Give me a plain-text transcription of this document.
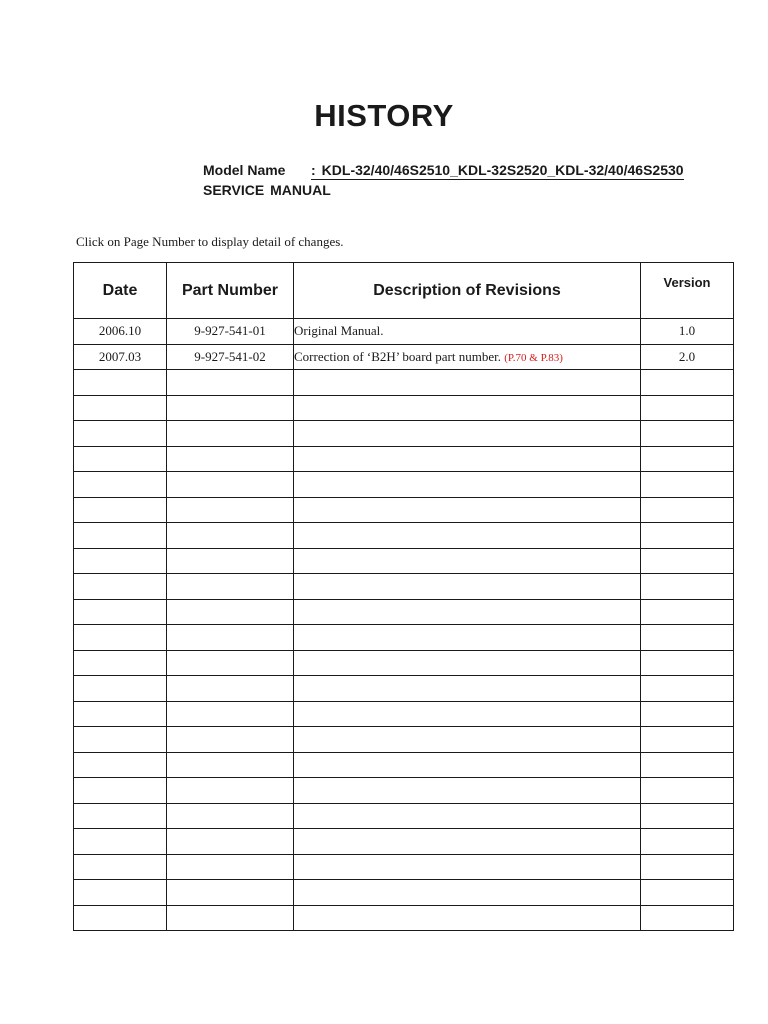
HISTORY
Model Name	: KDL-32/40/46S2510_KDL-32S2520_KDL-32/40/46S2530
SERVICE MANUAL
Click on Page Number to display detail of changes.
Date	Part Number	Description of Revisions	Version
2006.10	9-927-541-01	Original Manual.	1.0
2007.03	9-927-541-02	Correction of ‘B2H’ board part number. (P.70 & P.83)	2.0
